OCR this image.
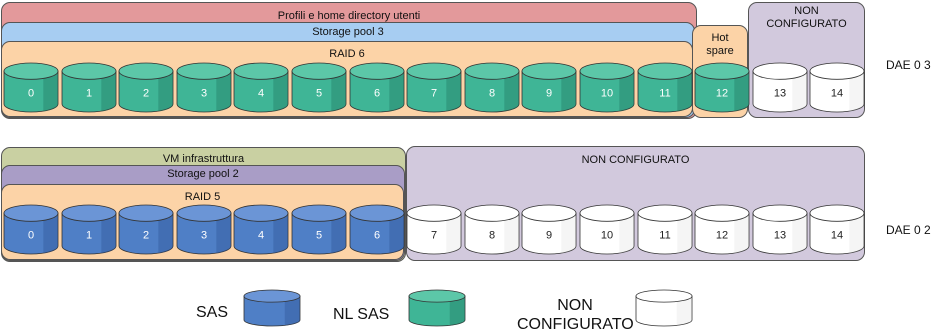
Profili e home directory utenti
Storage pool 3
RAID 6
Hot
spare
NON
CONFIGURATO
DAE 0 3
VM infrastruttura
Storage pool 2
RAID 5
NON CONFIGURATO
DAE 0 2
0	1	2	3	4	5	6	7	8	9	10	11	12	13	14
0	1	2	3	4	5	6	7	8	9	10	11	12	13	14
SAS	NL SAS
NON
CONFIGURATO
